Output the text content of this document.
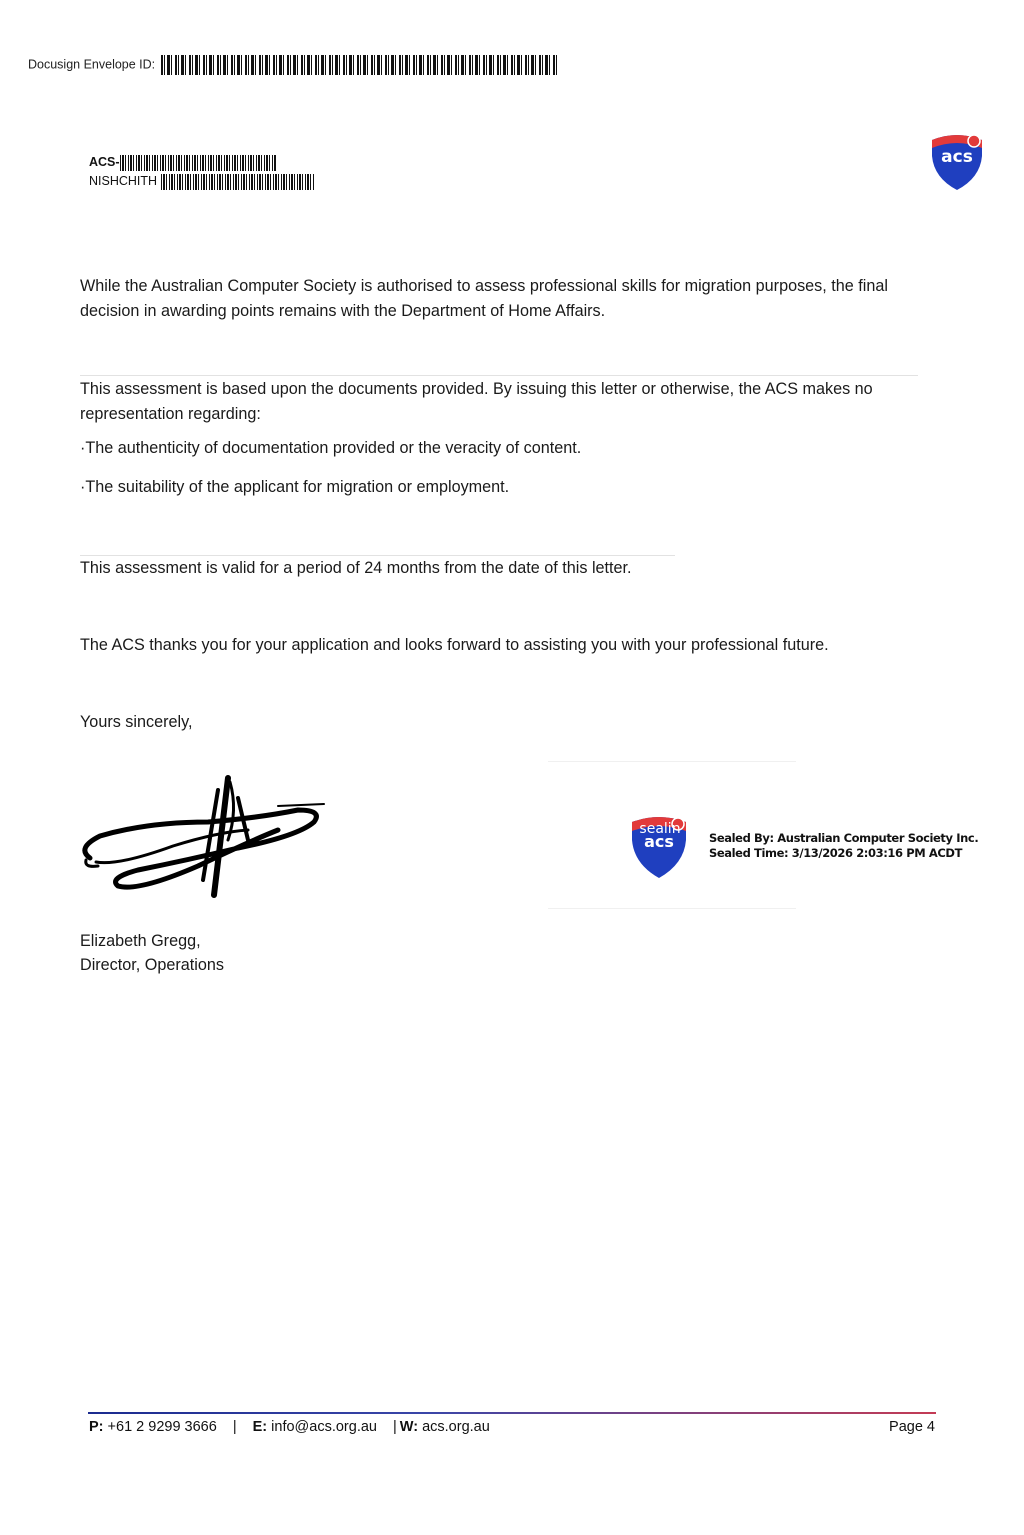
Docusign Envelope ID:
ACS-
NISHCHITH
acs
While the Australian Computer Society is authorised to assess professional skills for migration purposes, the final decision in awarding points remains with the Department of Home Affairs.
This assessment is based upon the documents provided. By issuing this letter or otherwise, the ACS makes no representation regarding:
·The authenticity of documentation provided or the veracity of content.
·The suitability of the applicant for migration or employment.
This assessment is valid for a period of 24 months from the date of this letter.
The ACS thanks you for your application and looks forward to assisting you with your professional future.
Yours sincerely,
Elizabeth Gregg,
Director, Operations
sealin
acs	Sealed By: Australian Computer Society Inc.
Sealed Time: 3/13/2026 2:03:16 PM ACDT
P: +61 2 9299 3666 | E: info@acs.org.au | W: acs.org.au	Page 4
